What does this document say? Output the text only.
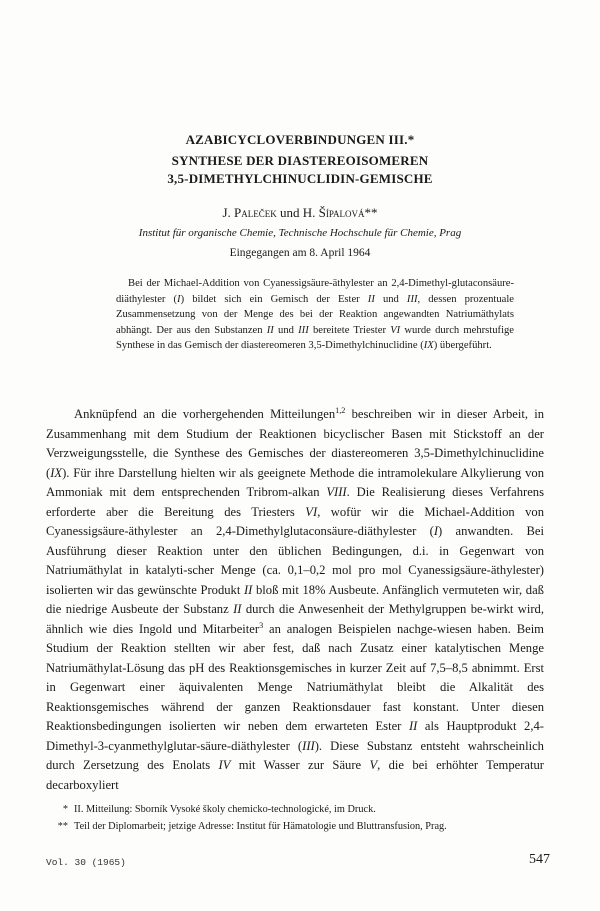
AZABICYCLOVERBINDUNGEN III.*
SYNTHESE DER DIASTEREOISOMEREN
3,5-DIMETHYLCHINUCLIDIN-GEMISCHE
J. Paleček und H. Šípalová**
Institut für organische Chemie, Technische Hochschule für Chemie, Prag
Eingegangen am 8. April 1964

Bei der Michael-Addition von Cyanessigsäure-äthylester an 2,4-Dimethyl-glutaconsäure-diäthylester (I) bildet sich ein Gemisch der Ester II und III, dessen prozentuale Zusammensetzung von der Menge des bei der Reaktion angewandten Natriumäthylats abhängt. Der aus den Substanzen II und III bereitete Triester VI wurde durch mehrstufige Synthese in das Gemisch der diastereomeren 3,5-Dimethylchinuclidine (IX) übergeführt.

Anknüpfend an die vorhergehenden Mitteilungen$^{1,2}$ beschreiben wir in dieser Arbeit, in Zusammenhang mit dem Studium der Reaktionen bicyclischer Basen mit Stickstoff an der Verzweigungsstelle, die Synthese des Gemisches der diastereomeren 3,5-Dimethylchinuclidine (IX). Für ihre Darstellung hielten wir als geeignete Methode die intramolekulare Alkylierung von Ammoniak mit dem entsprechenden Tribrom-alkan VIII. Die Realisierung dieses Verfahrens erforderte aber die Bereitung des Triesters VI, wofür wir die Michael-Addition von Cyanessigsäure-äthylester an 2,4-Dimethylglutaconsäure-diäthylester (I) anwandten. Bei Ausführung dieser Reaktion unter den üblichen Bedingungen, d.i. in Gegenwart von Natriumäthylat in katalyti-scher Menge (ca. 0,1–0,2 mol pro mol Cyanessigsäure-äthylester) isolierten wir das gewünschte Produkt II bloß mit 18% Ausbeute. Anfänglich vermuteten wir, daß die niedrige Ausbeute der Substanz II durch die Anwesenheit der Methylgruppen be-wirkt wird, ähnlich wie dies Ingold und Mitarbeiter$^3$ an analogen Beispielen nachge-wiesen haben. Beim Studium der Reaktion stellten wir aber fest, daß nach Zusatz einer katalytischen Menge Natriumäthylat-Lösung das pH des Reaktionsgemisches in kurzer Zeit auf 7,5–8,5 abnimmt. Erst in Gegenwart einer äquivalenten Menge Natriumäthylat bleibt die Alkalität des Reaktionsgemisches während der ganzen Reaktionsdauer fast konstant. Unter diesen Reaktionsbedingungen isolierten wir neben dem erwarteten Ester II als Hauptprodukt 2,4-Dimethyl-3-cyanmethylglutar-säure-diäthylester (III). Diese Substanz entsteht wahrscheinlich durch Zersetzung des Enolats IV mit Wasser zur Säure V, die bei erhöhter Temperatur decarboxyliert

* II. Mitteilung: Sborník Vysoké školy chemicko-technologické, im Druck.
** Teil der Diplomarbeit; jetzige Adresse: Institut für Hämatologie und Bluttransfusion, Prag.
Vol. 30 (1965)	547
